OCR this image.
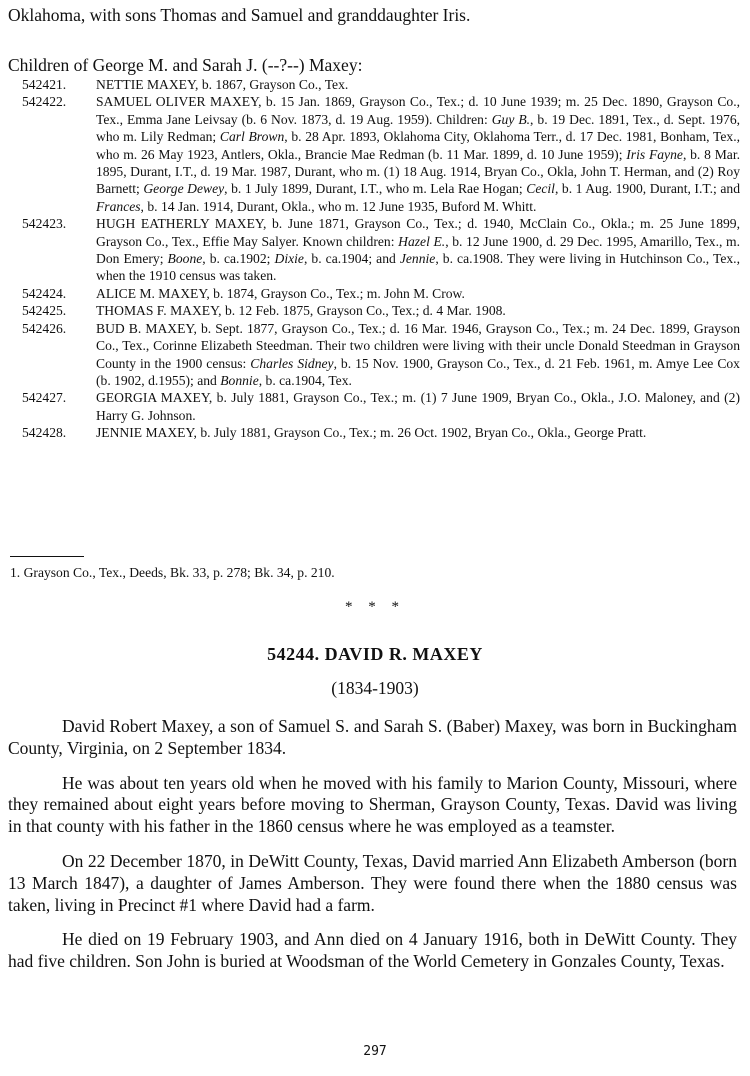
Oklahoma, with sons Thomas and Samuel and granddaughter Iris.

Children of George M. and Sarah J. (--?--) Maxey:

542421.	NETTIE MAXEY, b. 1867, Grayson Co., Tex.
542422.	SAMUEL OLIVER MAXEY, b. 15 Jan. 1869, Grayson Co., Tex.; d. 10 June 1939; m. 25 Dec. 1890, Grayson Co., Tex., Emma Jane Leivsay (b. 6 Nov. 1873, d. 19 Aug. 1959). Children: Guy B., b. 19 Dec. 1891, Tex., d. Sept. 1976, who m. Lily Redman; Carl Brown, b. 28 Apr. 1893, Oklahoma City, Oklahoma Terr., d. 17 Dec. 1981, Bonham, Tex., who m. 26 May 1923, Antlers, Okla., Brancie Mae Redman (b. 11 Mar. 1899, d. 10 June 1959); Iris Fayne, b. 8 Mar. 1895, Durant, I.T., d. 19 Mar. 1987, Durant, who m. (1) 18 Aug. 1914, Bryan Co., Okla, John T. Herman, and (2) Roy Barnett; George Dewey, b. 1 July 1899, Durant, I.T., who m. Lela Rae Hogan; Cecil, b. 1 Aug. 1900, Durant, I.T.; and Frances, b. 14 Jan. 1914, Durant, Okla., who m. 12 June 1935, Buford M. Whitt.
542423.	HUGH EATHERLY MAXEY, b. June 1871, Grayson Co., Tex.; d. 1940, McClain Co., Okla.; m. 25 June 1899, Grayson Co., Tex., Effie May Salyer. Known children: Hazel E., b. 12 June 1900, d. 29 Dec. 1995, Amarillo, Tex., m. Don Emery; Boone, b. ca.1902; Dixie, b. ca.1904; and Jennie, b. ca.1908. They were living in Hutchinson Co., Tex., when the 1910 census was taken.
542424.	ALICE M. MAXEY, b. 1874, Grayson Co., Tex.; m. John M. Crow.
542425.	THOMAS F. MAXEY, b. 12 Feb. 1875, Grayson Co., Tex.; d. 4 Mar. 1908.
542426.	BUD B. MAXEY, b. Sept. 1877, Grayson Co., Tex.; d. 16 Mar. 1946, Grayson Co., Tex.; m. 24 Dec. 1899, Grayson Co., Tex., Corinne Elizabeth Steedman. Their two children were living with their uncle Donald Steedman in Grayson County in the 1900 census: Charles Sidney, b. 15 Nov. 1900, Grayson Co., Tex., d. 21 Feb. 1961, m. Amye Lee Cox (b. 1902, d.1955); and Bonnie, b. ca.1904, Tex.
542427.	GEORGIA MAXEY, b. July 1881, Grayson Co., Tex.; m. (1) 7 June 1909, Bryan Co., Okla., J.O. Maloney, and (2) Harry G. Johnson.
542428.	JENNIE MAXEY, b. July 1881, Grayson Co., Tex.; m. 26 Oct. 1902, Bryan Co., Okla., George Pratt.

1. Grayson Co., Tex., Deeds, Bk. 33, p. 278; Bk. 34, p. 210.

* * *

54244. DAVID R. MAXEY

(1834-1903)

David Robert Maxey, a son of Samuel S. and Sarah S. (Baber) Maxey, was born in Buckingham County, Virginia, on 2 September 1834.

He was about ten years old when he moved with his family to Marion County, Missouri, where they remained about eight years before moving to Sherman, Grayson County, Texas. David was living in that county with his father in the 1860 census where he was employed as a teamster.

On 22 December 1870, in DeWitt County, Texas, David married Ann Elizabeth Amberson (born 13 March 1847), a daughter of James Amberson. They were found there when the 1880 census was taken, living in Precinct #1 where David had a farm.

He died on 19 February 1903, and Ann died on 4 January 1916, both in DeWitt County. They had five children. Son John is buried at Woodsman of the World Cemetery in Gonzales County, Texas.

297
